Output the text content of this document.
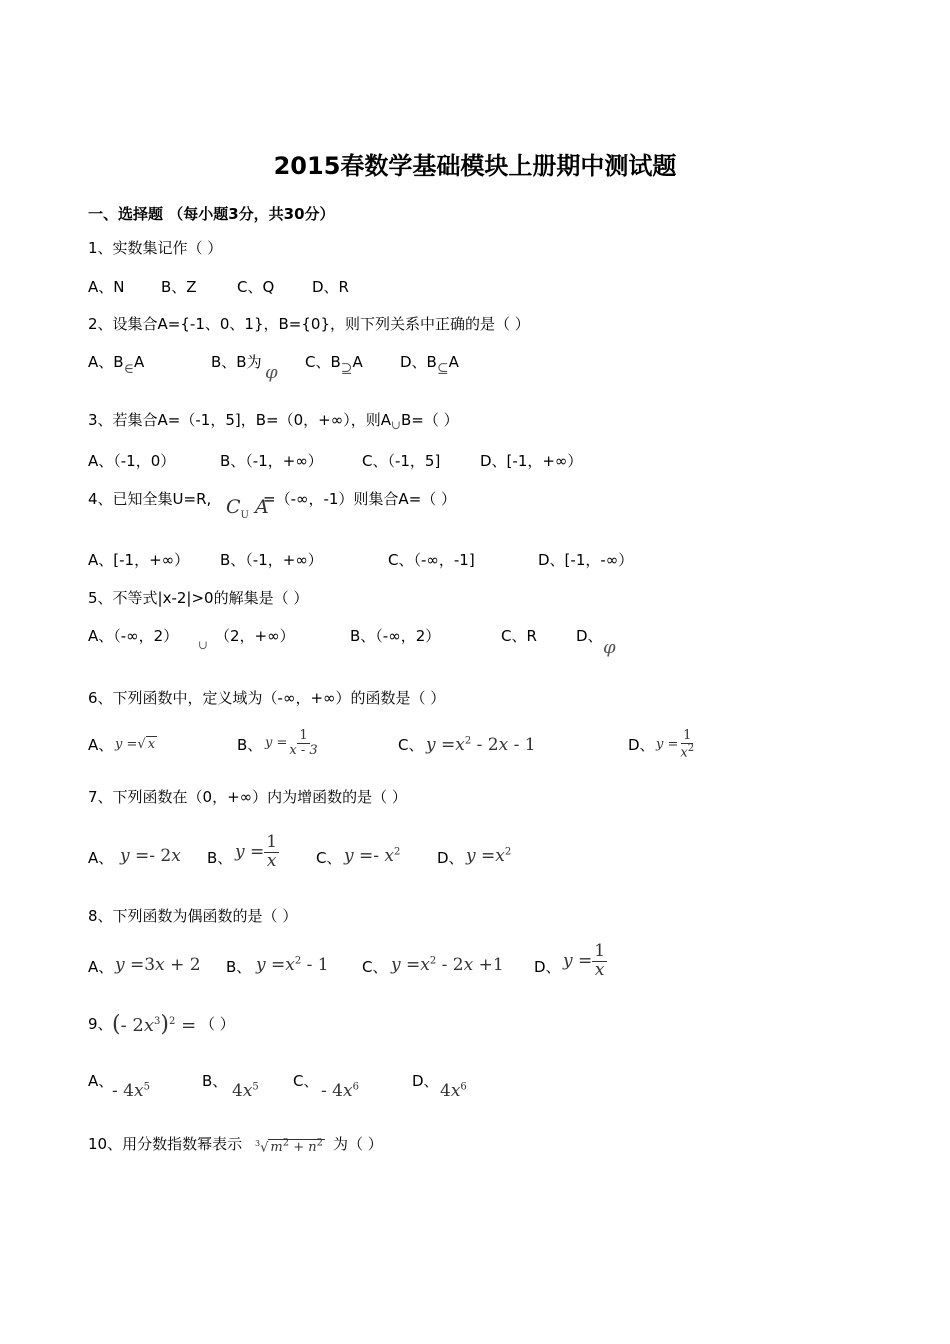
2015春数学基础模块上册期中测试题
一、选择题 （每小题3分，共30分）
1、实数集记作（ ）
A、N B、Z	C、Q	D、R
2、设集合A={-1、0、1}，B={0}，则下列关系中正确的是（ ）
A、B∈A	B、B为 φ C、B⊇A D、B⊆A
3、若集合A=（-1，5]，B=（0，+∞），则$A_\cup B=$（ ）
A、（-1，0）	B、（-1，+∞）	C、（-1，5]	D、[-1，+∞）
4、已知全集U=R, $C_U$ A
=（-∞，-1）则集合A=（ ）
A、[-1，+∞） B、（-1，+∞）	C、（-∞，-1]	D、[-1，-∞）
5、不等式|x-2|>0的解集是（ ）
A、（-∞，2） ∪ （2，+∞）	B、（-∞，2）	C、R	D、
φ
6、下列函数中，定义域为（-∞，+∞）的函数是（ ）
A、 y =√ x	B、 $y = \frac{1}{x - 3}$	C、 $y =x^2 - 2x - 1$	D、 $y = \frac{1}{x^2}$
7、下列函数在（0，+∞）内为增函数的是（ ）
A、 y =- 2x B、 $y = \frac{1}{x}$ C、 $y =- x^2$ D、 $y =x^2$
8、下列函数为偶函数的是（ ）
A、 y =3x + 2 B、 $y =x^2 - 1$ C、 $y =x^2 - 2x +1$ D、 $y = \frac{1}{x}$
9、 (- $2x^3)^2$ = （ ）
A、
- $4x^5$	B、 $4x^5$ C、 - $4x^6$	D、 $4x^6$
10、用分数指数幂表示 $^3$√ $m^2 + n^2$ 为（ ）
